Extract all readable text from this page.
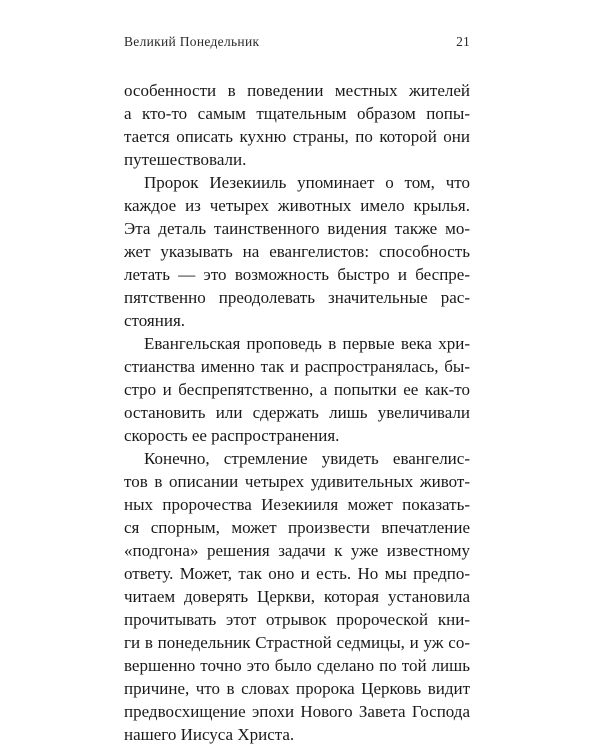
Великий Понедельник	21
особенности в поведении местных жителей
а кто-то самым тщательным образом попы-
тается описать кухню страны, по которой они
путешествовали.
Пророк Иезекииль упоминает о том, что
каждое из четырех животных имело крылья.
Эта деталь таинственного видения также мо-
жет указывать на евангелистов: способность
летать — это возможность быстро и беспре-
пятственно преодолевать значительные рас-
стояния.
Евангельская проповедь в первые века хри-
стианства именно так и распространялась, бы-
стро и беспрепятственно, а попытки ее как-то
остановить или сдержать лишь увеличивали
скорость ее распространения.
Конечно, стремление увидеть евангелис-
тов в описании четырех удивительных живот-
ных пророчества Иезекииля может показать-
ся спорным, может произвести впечатление
«подгона» решения задачи к уже известному
ответу. Может, так оно и есть. Но мы предпо-
читаем доверять Церкви, которая установила
прочитывать этот отрывок пророческой кни-
ги в понедельник Страстной седмицы, и уж со-
вершенно точно это было сделано по той лишь
причине, что в словах пророка Церковь видит
предвосхищение эпохи Нового Завета Господа
нашего Иисуса Христа.
